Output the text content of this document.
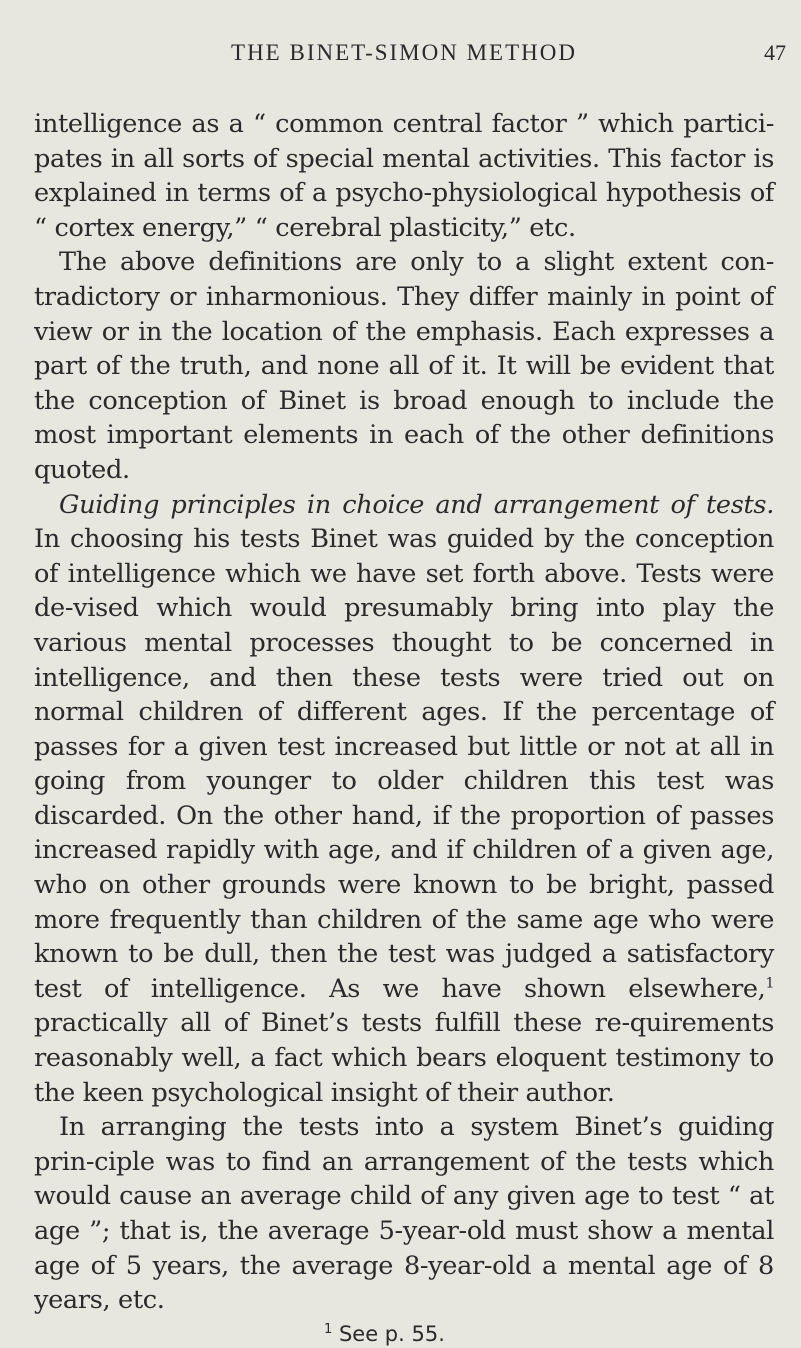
THE BINET-SIMON METHOD	47

intelligence as a “ common central factor ” which partici-pates in all sorts of special mental activities. This factor is explained in terms of a psycho-physiological hypothesis of “ cortex energy,” “ cerebral plasticity,” etc.

The above definitions are only to a slight extent con-tradictory or inharmonious. They differ mainly in point of view or in the location of the emphasis. Each expresses a part of the truth, and none all of it. It will be evident that the conception of Binet is broad enough to include the most important elements in each of the other definitions quoted.

Guiding principles in choice and arrangement of tests. In choosing his tests Binet was guided by the conception of intelligence which we have set forth above. Tests were de-vised which would presumably bring into play the various mental processes thought to be concerned in intelligence, and then these tests were tried out on normal children of different ages. If the percentage of passes for a given test increased but little or not at all in going from younger to older children this test was discarded. On the other hand, if the proportion of passes increased rapidly with age, and if children of a given age, who on other grounds were known to be bright, passed more frequently than children of the same age who were known to be dull, then the test was judged a satisfactory test of intelligence. As we have shown elsewhere,$^1$ practically all of Binet’s tests fulfill these re-quirements reasonably well, a fact which bears eloquent testimony to the keen psychological insight of their author.

In arranging the tests into a system Binet’s guiding prin-ciple was to find an arrangement of the tests which would cause an average child of any given age to test “ at age ”; that is, the average 5-year-old must show a mental age of 5 years, the average 8-year-old a mental age of 8 years, etc.

$^1$ See p. 55.
